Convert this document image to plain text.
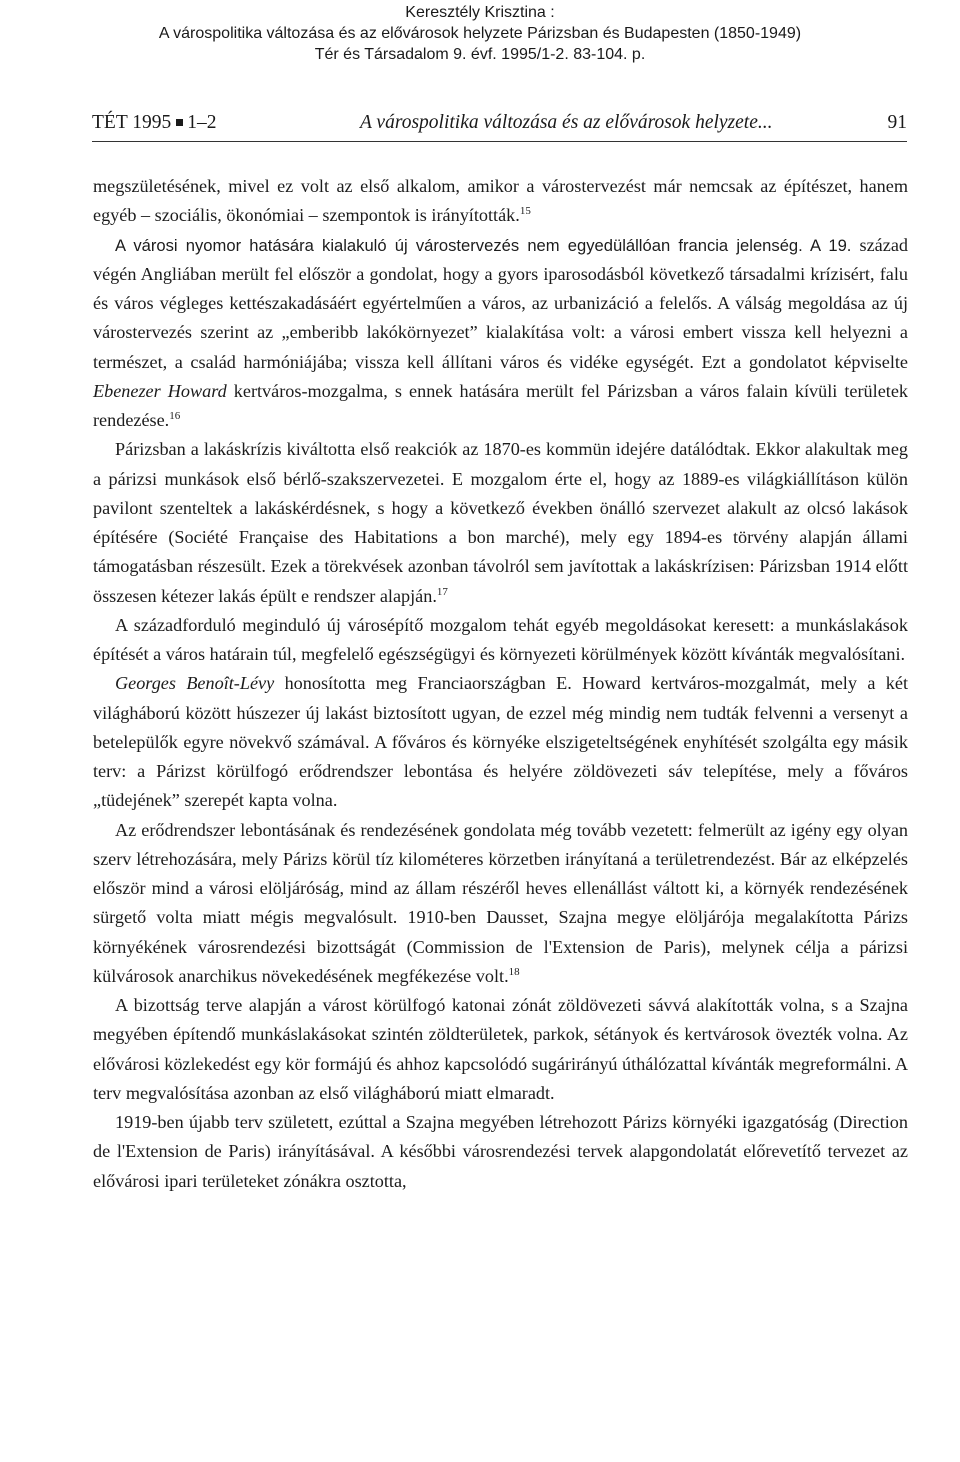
Keresztély Krisztina :
A várospolitika változása és az elővárosok helyzete Párizsban és Budapesten (1850-1949)
Tér és Társadalom 9. évf. 1995/1-2. 83-104. p.
TÉT 1995 1–2	A várospolitika változása és az elővárosok helyzete...	91

megszületésének, mivel ez volt az első alkalom, amikor a várostervezést már nemcsak az építészet, hanem egyéb – szociális, ökonómiai – szempontok is irányították.$^{15}$

A városi nyomor hatására kialakuló új várostervezés nem egyedülállóan francia jelenség. A 19. század végén Angliában merült fel először a gondolat, hogy a gyors iparosodásból következő társadalmi krízisért, falu és város végleges kettészakadásáért egyértelműen a város, az urbanizáció a felelős. A válság megoldása az új várostervezés szerint az „emberibb lakókörnyezet” kialakítása volt: a városi embert vissza kell helyezni a természet, a család harmóniájába; vissza kell állítani város és vidéke egységét. Ezt a gondolatot képviselte Ebenezer Howard kertváros-mozgalma, s ennek hatására merült fel Párizsban a város falain kívüli területek rendezése.$^{16}$

Párizsban a lakáskrízis kiváltotta első reakciók az 1870-es kommün idejére datálódtak. Ekkor alakultak meg a párizsi munkások első bérlő-szakszervezetei. E mozgalom érte el, hogy az 1889-es világkiállításon külön pavilont szenteltek a lakáskérdésnek, s hogy a következő években önálló szervezet alakult az olcsó lakások építésére (Société Française des Habitations a bon marché), mely egy 1894-es törvény alapján állami támogatásban részesült. Ezek a törekvések azonban távolról sem javítottak a lakáskrízisen: Párizsban 1914 előtt összesen kétezer lakás épült e rendszer alapján.$^{17}$

A századforduló meginduló új városépítő mozgalom tehát egyéb megoldásokat keresett: a munkáslakások építését a város határain túl, megfelelő egészségügyi és környezeti körülmények között kívánták megvalósítani.

Georges Benoît-Lévy honosította meg Franciaországban E. Howard kertváros-mozgalmát, mely a két világháború között húszezer új lakást biztosított ugyan, de ezzel még mindig nem tudták felvenni a versenyt a betelepülők egyre növekvő számával. A főváros és környéke elszigeteltségének enyhítését szolgálta egy másik terv: a Párizst körülfogó erődrendszer lebontása és helyére zöldövezeti sáv telepítése, mely a főváros „tüdejének” szerepét kapta volna.

Az erődrendszer lebontásának és rendezésének gondolata még tovább vezetett: felmerült az igény egy olyan szerv létrehozására, mely Párizs körül tíz kilométeres körzetben irányítaná a területrendezést. Bár az elképzelés először mind a városi elöljáróság, mind az állam részéről heves ellenállást váltott ki, a környék rendezésének sürgető volta miatt mégis megvalósult. 1910-ben Dausset, Szajna megye elöljárója megalakította Párizs környékének városrendezési bizottságát (Commission de l'Extension de Paris), melynek célja a párizsi külvárosok anarchikus növekedésének megfékezése volt.$^{18}$

A bizottság terve alapján a várost körülfogó katonai zónát zöldövezeti sávvá alakították volna, s a Szajna megyében építendő munkáslakásokat szintén zöldterületek, parkok, sétányok és kertvárosok övezték volna. Az elővárosi közlekedést egy kör formájú és ahhoz kapcsolódó sugárirányú úthálózattal kívánták megreformálni. A terv megvalósítása azonban az első világháború miatt elmaradt.

1919-ben újabb terv született, ezúttal a Szajna megyében létrehozott Párizs környéki igazgatóság (Direction de l'Extension de Paris) irányításával. A későbbi városrendezési tervek alapgondolatát előrevetítő tervezet az elővárosi ipari területeket zónákra osztotta,
